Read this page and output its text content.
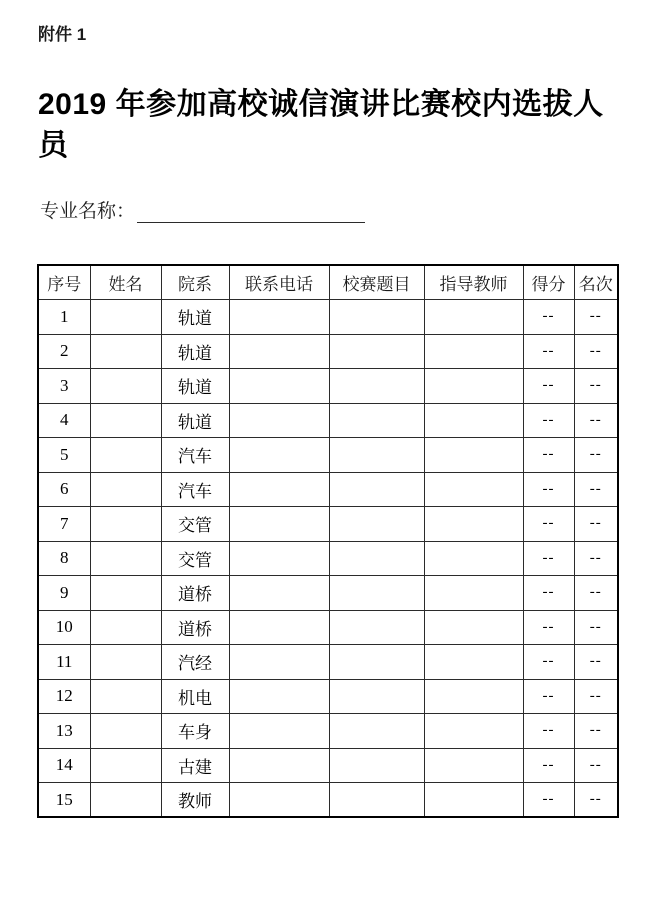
附件 1
2019 年参加高校诚信演讲比赛校内选拔人员
专业名称：
序号	姓名	院系	联系电话	校赛题目	指导教师	得分	名次
1		轨道				--	--
2		轨道				--	--
3		轨道				--	--
4		轨道				--	--
5		汽车				--	--
6		汽车				--	--
7		交管				--	--
8		交管				--	--
9		道桥				--	--
10		道桥				--	--
11		汽经				--	--
12		机电				--	--
13		车身				--	--
14		古建				--	--
15		教师				--	--
